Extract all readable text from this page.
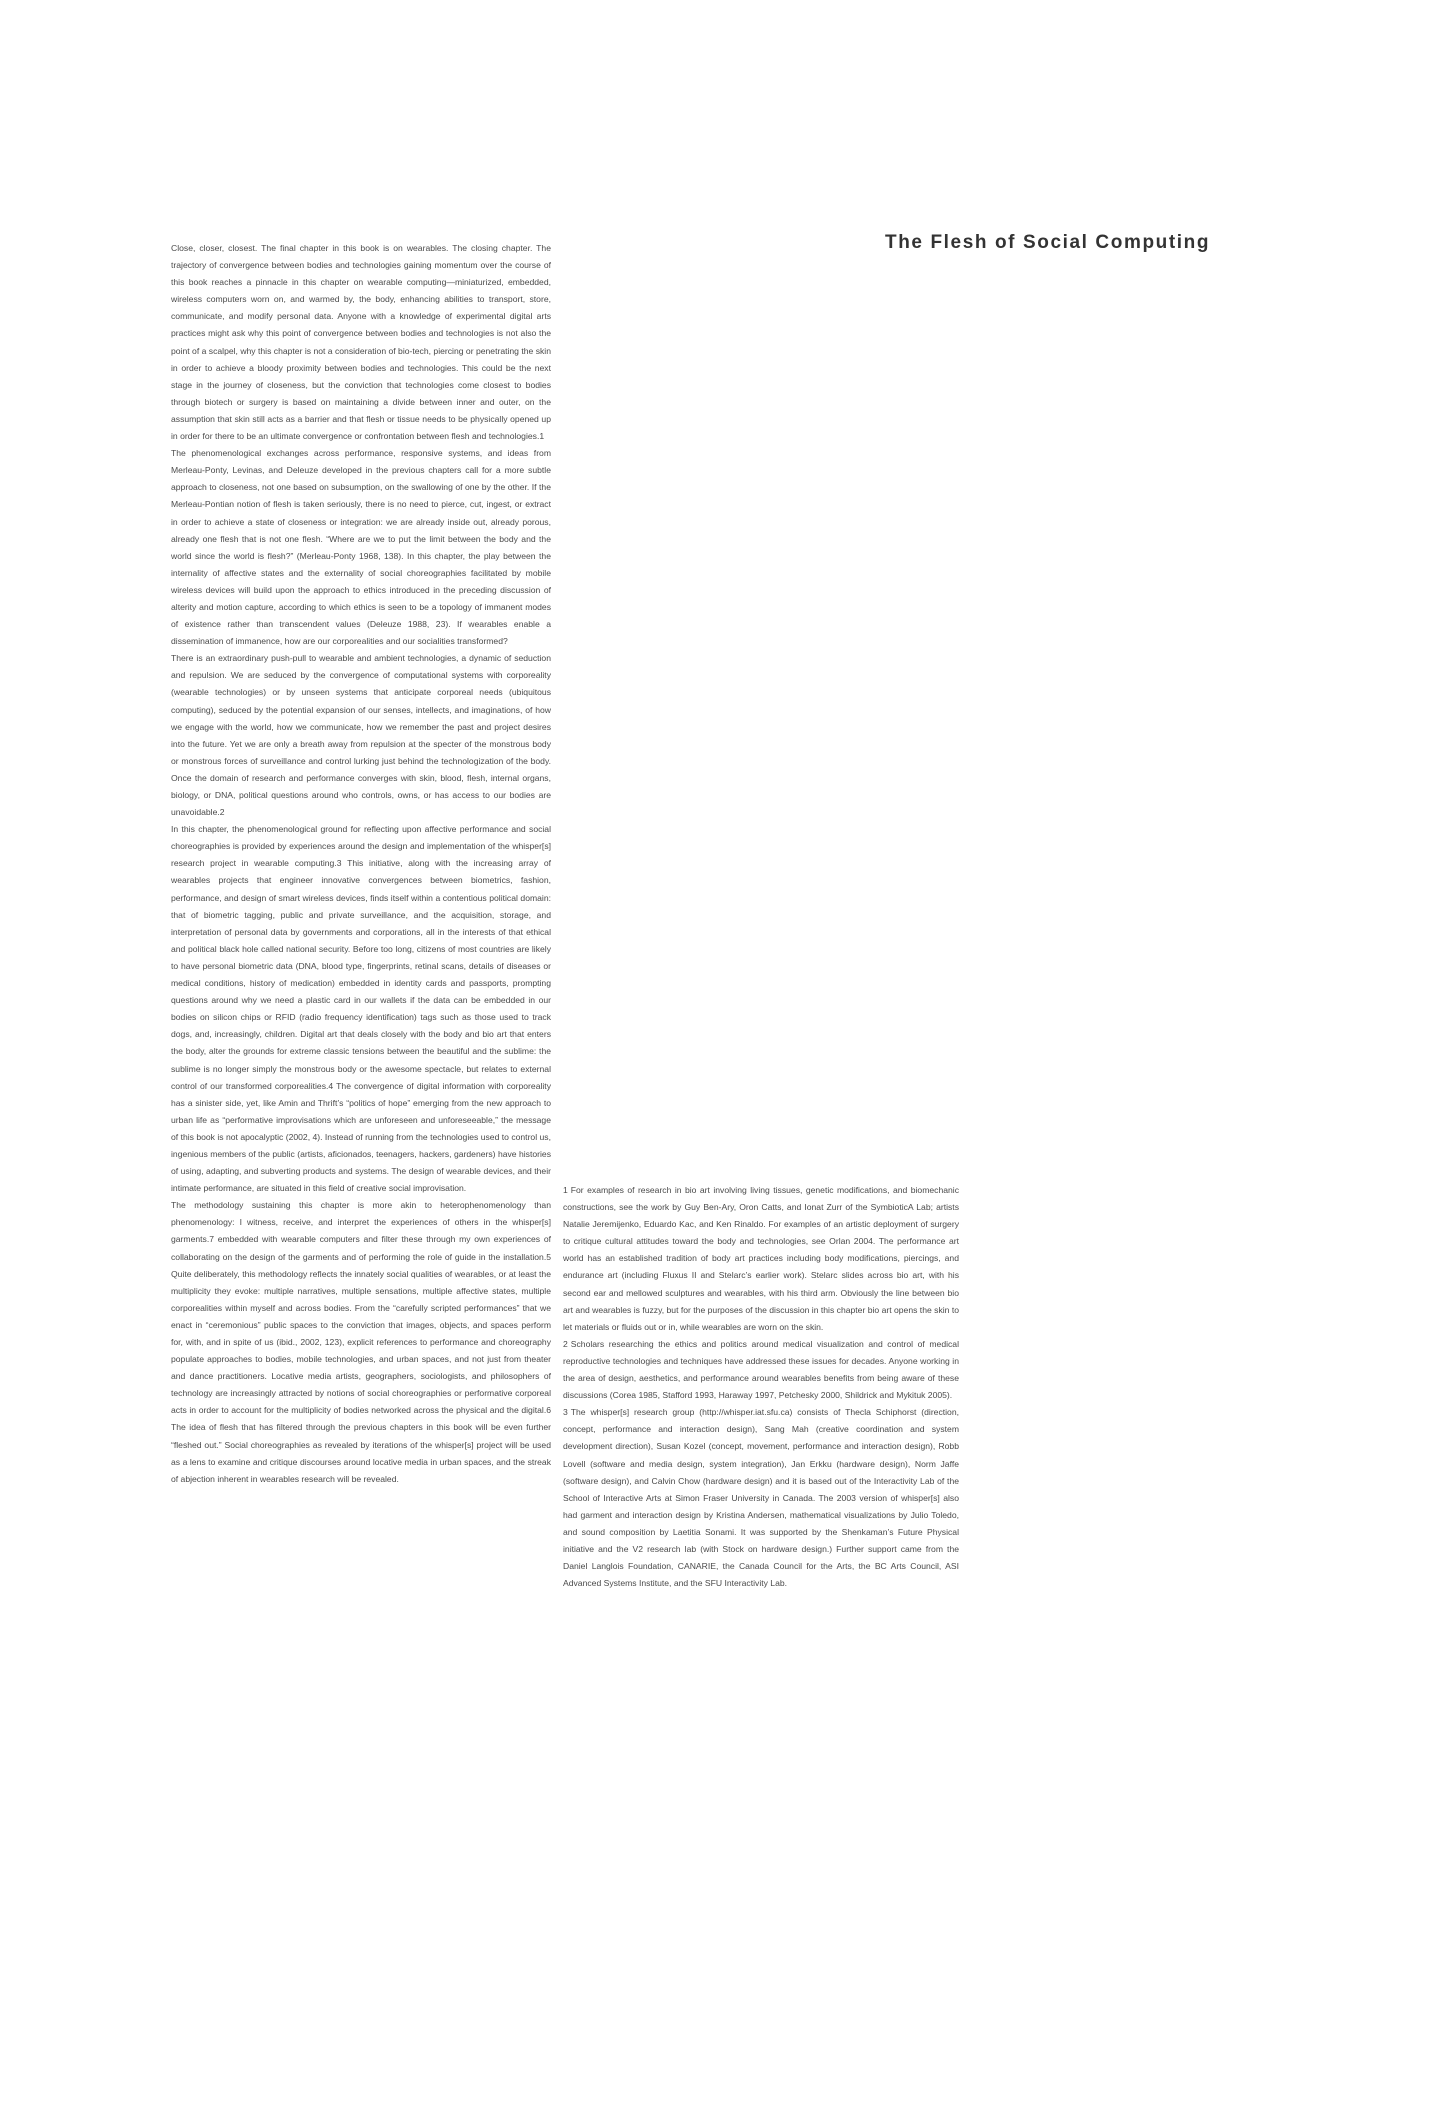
The Flesh of Social Computing

Close, closer, closest. The final chapter in this book is on wearables. The closing chapter. The trajectory of convergence between bodies and technologies gaining momentum over the course of this book reaches a pinnacle in this chapter on wearable computing—miniaturized, embedded, wireless computers worn on, and warmed by, the body, enhancing abilities to transport, store, communicate, and modify personal data. Anyone with a knowledge of experimental digital arts practices might ask why this point of convergence between bodies and technologies is not also the point of a scalpel, why this chapter is not a consideration of bio-tech, piercing or penetrating the skin in order to achieve a bloody proximity between bodies and technologies. This could be the next stage in the journey of closeness, but the conviction that technologies come closest to bodies through biotech or surgery is based on maintaining a divide between inner and outer, on the assumption that skin still acts as a barrier and that flesh or tissue needs to be physically opened up in order for there to be an ultimate convergence or confrontation between flesh and technologies.1

The phenomenological exchanges across performance, responsive systems, and ideas from Merleau-Ponty, Levinas, and Deleuze developed in the previous chapters call for a more subtle approach to closeness, not one based on subsumption, on the swallowing of one by the other. If the Merleau-Pontian notion of flesh is taken seriously, there is no need to pierce, cut, ingest, or extract in order to achieve a state of closeness or integration: we are already inside out, already porous, already one flesh that is not one flesh. “Where are we to put the limit between the body and the world since the world is flesh?” (Merleau-Ponty 1968, 138). In this chapter, the play between the internality of affective states and the externality of social choreographies facilitated by mobile wireless devices will build upon the approach to ethics introduced in the preceding discussion of alterity and motion capture, according to which ethics is seen to be a topology of immanent modes of existence rather than transcendent values (Deleuze 1988, 23). If wearables enable a dissemination of immanence, how are our corporealities and our socialities transformed?

There is an extraordinary push-pull to wearable and ambient technologies, a dynamic of seduction and repulsion. We are seduced by the convergence of computational systems with corporeality (wearable technologies) or by unseen systems that anticipate corporeal needs (ubiquitous computing), seduced by the potential expansion of our senses, intellects, and imaginations, of how we engage with the world, how we communicate, how we remember the past and project desires into the future. Yet we are only a breath away from repulsion at the specter of the monstrous body or monstrous forces of surveillance and control lurking just behind the technologization of the body. Once the domain of research and performance converges with skin, blood, flesh, internal organs, biology, or DNA, political questions around who controls, owns, or has access to our bodies are unavoidable.2

In this chapter, the phenomenological ground for reflecting upon affective performance and social choreographies is provided by experiences around the design and implementation of the whisper[s] research project in wearable computing.3 This initiative, along with the increasing array of wearables projects that engineer innovative convergences between biometrics, fashion, performance, and design of smart wireless devices, finds itself within a contentious political domain: that of biometric tagging, public and private surveillance, and the acquisition, storage, and interpretation of personal data by governments and corporations, all in the interests of that ethical and political black hole called national security. Before too long, citizens of most countries are likely to have personal biometric data (DNA, blood type, fingerprints, retinal scans, details of diseases or medical conditions, history of medication) embedded in identity cards and passports, prompting questions around why we need a plastic card in our wallets if the data can be embedded in our bodies on silicon chips or RFID (radio frequency identification) tags such as those used to track dogs, and, increasingly, children. Digital art that deals closely with the body and bio art that enters the body, alter the grounds for extreme classic tensions between the beautiful and the sublime: the sublime is no longer simply the monstrous body or the awesome spectacle, but relates to external control of our transformed corporealities.4 The convergence of digital information with corporeality has a sinister side, yet, like Amin and Thrift’s “politics of hope” emerging from the new approach to urban life as “performative improvisations which are unforeseen and unforeseeable,” the message of this book is not apocalyptic (2002, 4). Instead of running from the technologies used to control us, ingenious members of the public (artists, aficionados, teenagers, hackers, gardeners) have histories of using, adapting, and subverting products and systems. The design of wearable devices, and their intimate performance, are situated in this field of creative social improvisation.

The methodology sustaining this chapter is more akin to heterophenomenology than phenomenology: I witness, receive, and interpret the experiences of others in the whisper[s] garments.7 embedded with wearable computers and filter these through my own experiences of collaborating on the design of the garments and of performing the role of guide in the installation.5 Quite deliberately, this methodology reflects the innately social qualities of wearables, or at least the multiplicity they evoke: multiple narratives, multiple sensations, multiple affective states, multiple corporealities within myself and across bodies. From the “carefully scripted performances” that we enact in “ceremonious” public spaces to the conviction that images, objects, and spaces perform for, with, and in spite of us (ibid., 2002, 123), explicit references to performance and choreography populate approaches to bodies, mobile technologies, and urban spaces, and not just from theater and dance practitioners. Locative media artists, geographers, sociologists, and philosophers of technology are increasingly attracted by notions of social choreographies or performative corporeal acts in order to account for the multiplicity of bodies networked across the physical and the digital.6 The idea of flesh that has filtered through the previous chapters in this book will be even further “fleshed out.” Social choreographies as revealed by iterations of the whisper[s] project will be used as a lens to examine and critique discourses around locative media in urban spaces, and the streak of abjection inherent in wearables research will be revealed.

1 For examples of research in bio art involving living tissues, genetic modifications, and biomechanic constructions, see the work by Guy Ben-Ary, Oron Catts, and Ionat Zurr of the SymbioticA Lab; artists Natalie Jeremijenko, Eduardo Kac, and Ken Rinaldo. For examples of an artistic deployment of surgery to critique cultural attitudes toward the body and technologies, see Orlan 2004. The performance art world has an established tradition of body art practices including body modifications, piercings, and endurance art (including Fluxus II and Stelarc’s earlier work). Stelarc slides across bio art, with his second ear and mellowed sculptures and wearables, with his third arm. Obviously the line between bio art and wearables is fuzzy, but for the purposes of the discussion in this chapter bio art opens the skin to let materials or fluids out or in, while wearables are worn on the skin.

2 Scholars researching the ethics and politics around medical visualization and control of medical reproductive technologies and techniques have addressed these issues for decades. Anyone working in the area of design, aesthetics, and performance around wearables benefits from being aware of these discussions (Corea 1985, Stafford 1993, Haraway 1997, Petchesky 2000, Shildrick and Mykituk 2005).

3 The whisper[s] research group (http://whisper.iat.sfu.ca) consists of Thecla Schiphorst (direction, concept, performance and interaction design), Sang Mah (creative coordination and system development direction), Susan Kozel (concept, movement, performance and interaction design), Robb Lovell (software and media design, system integration), Jan Erkku (hardware design), Norm Jaffe (software design), and Calvin Chow (hardware design) and it is based out of the Interactivity Lab of the School of Interactive Arts at Simon Fraser University in Canada. The 2003 version of whisper[s] also had garment and interaction design by Kristina Andersen, mathematical visualizations by Julio Toledo, and sound composition by Laetitia Sonami. It was supported by the Shenkaman’s Future Physical initiative and the V2 research lab (with Stock on hardware design.) Further support came from the Daniel Langlois Foundation, CANARIE, the Canada Council for the Arts, the BC Arts Council, ASI Advanced Systems Institute, and the SFU Interactivity Lab.
